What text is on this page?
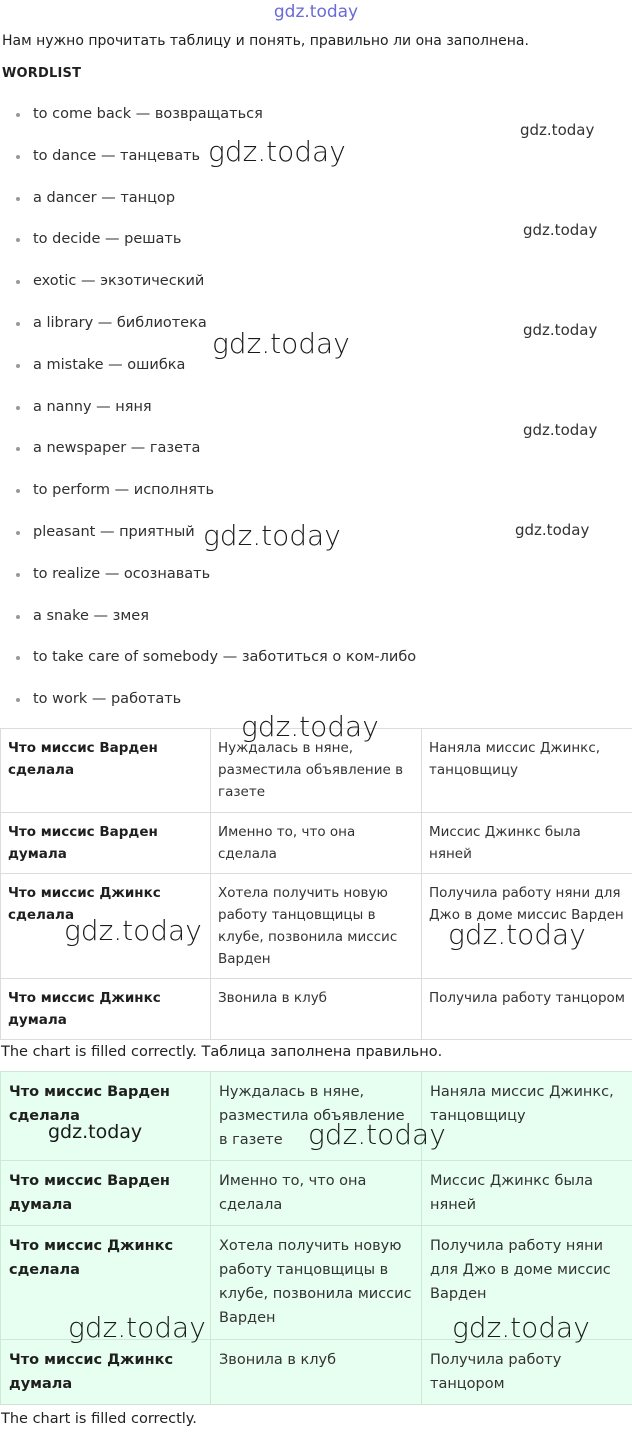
gdz.today
Нам нужно прочитать таблицу и понять, правильно ли она заполнена.
WORDLIST
to come back — возвращаться
to dance — танцевать
a dancer — танцор
to decide — решать
exotic — экзотический
a library — библиотека
a mistake — ошибка
a nanny — няня
a newspaper — газета
to perform — исполнять
pleasant — приятный
to realize — осознавать
a snake — змея
to take care of somebody — заботиться о ком-либо
to work — работать
Что миссис Варден сделала	Нуждалась в няне, разместила объявление в газете	Наняла миссис Джинкс, танцовщицу
Что миссис Варден думала	Именно то, что она сделала	Миссис Джинкс была няней
Что миссис Джинкс сделала	Хотела получить новую работу танцовщицы в клубе, позвонила миссис Варден	Получила работу няни для Джо в доме миссис Варден
Что миссис Джинкс думала	Звонила в клуб	Получила работу танцором
The chart is filled correctly. Таблица заполнена правильно.
Что миссис Варден сделала	Нуждалась в няне, разместила объявление в газете	Наняла миссис Джинкс, танцовщицу
Что миссис Варден думала	Именно то, что она сделала	Миссис Джинкс была няней
Что миссис Джинкс сделала	Хотела получить новую работу танцовщицы в клубе, позвонила миссис Варден	Получила работу няни для Джо в доме миссис Варден
Что миссис Джинкс думала	Звонила в клуб	Получила работу танцором
The chart is filled correctly.
gdz.today
gdz.today
gdz.today
gdz.today	gdz.today
gdz.today
gdz.today
gdz.today
gdz.today
gdz.today	gdz.today
gdz.today	gdz.today
gdz.today	gdz.today
